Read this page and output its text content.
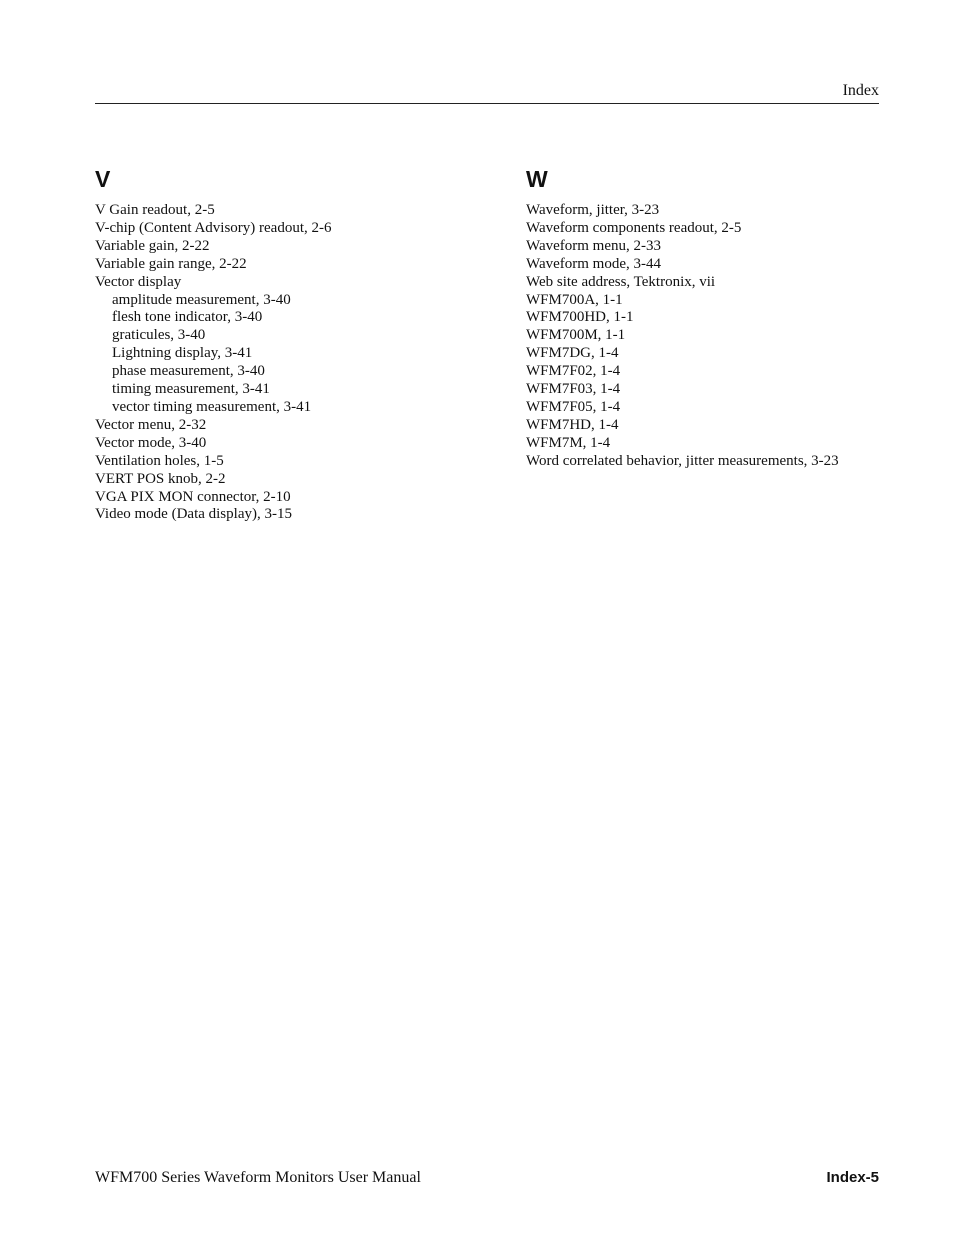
Index
V
V Gain readout, 2-5
V-chip (Content Advisory) readout, 2-6
Variable gain, 2-22
Variable gain range, 2-22
Vector display
amplitude measurement, 3-40
flesh tone indicator, 3-40
graticules, 3-40
Lightning display, 3-41
phase measurement, 3-40
timing measurement, 3-41
vector timing measurement, 3-41
Vector menu, 2-32
Vector mode, 3-40
Ventilation holes, 1-5
VERT POS knob, 2-2
VGA PIX MON connector, 2-10
Video mode (Data display), 3-15
W
Waveform, jitter, 3-23
Waveform components readout, 2-5
Waveform menu, 2-33
Waveform mode, 3-44
Web site address, Tektronix, vii
WFM700A, 1-1
WFM700HD, 1-1
WFM700M, 1-1
WFM7DG, 1-4
WFM7F02, 1-4
WFM7F03, 1-4
WFM7F05, 1-4
WFM7HD, 1-4
WFM7M, 1-4
Word correlated behavior, jitter measurements, 3-23
WFM700 Series Waveform Monitors User Manual	Index-5
